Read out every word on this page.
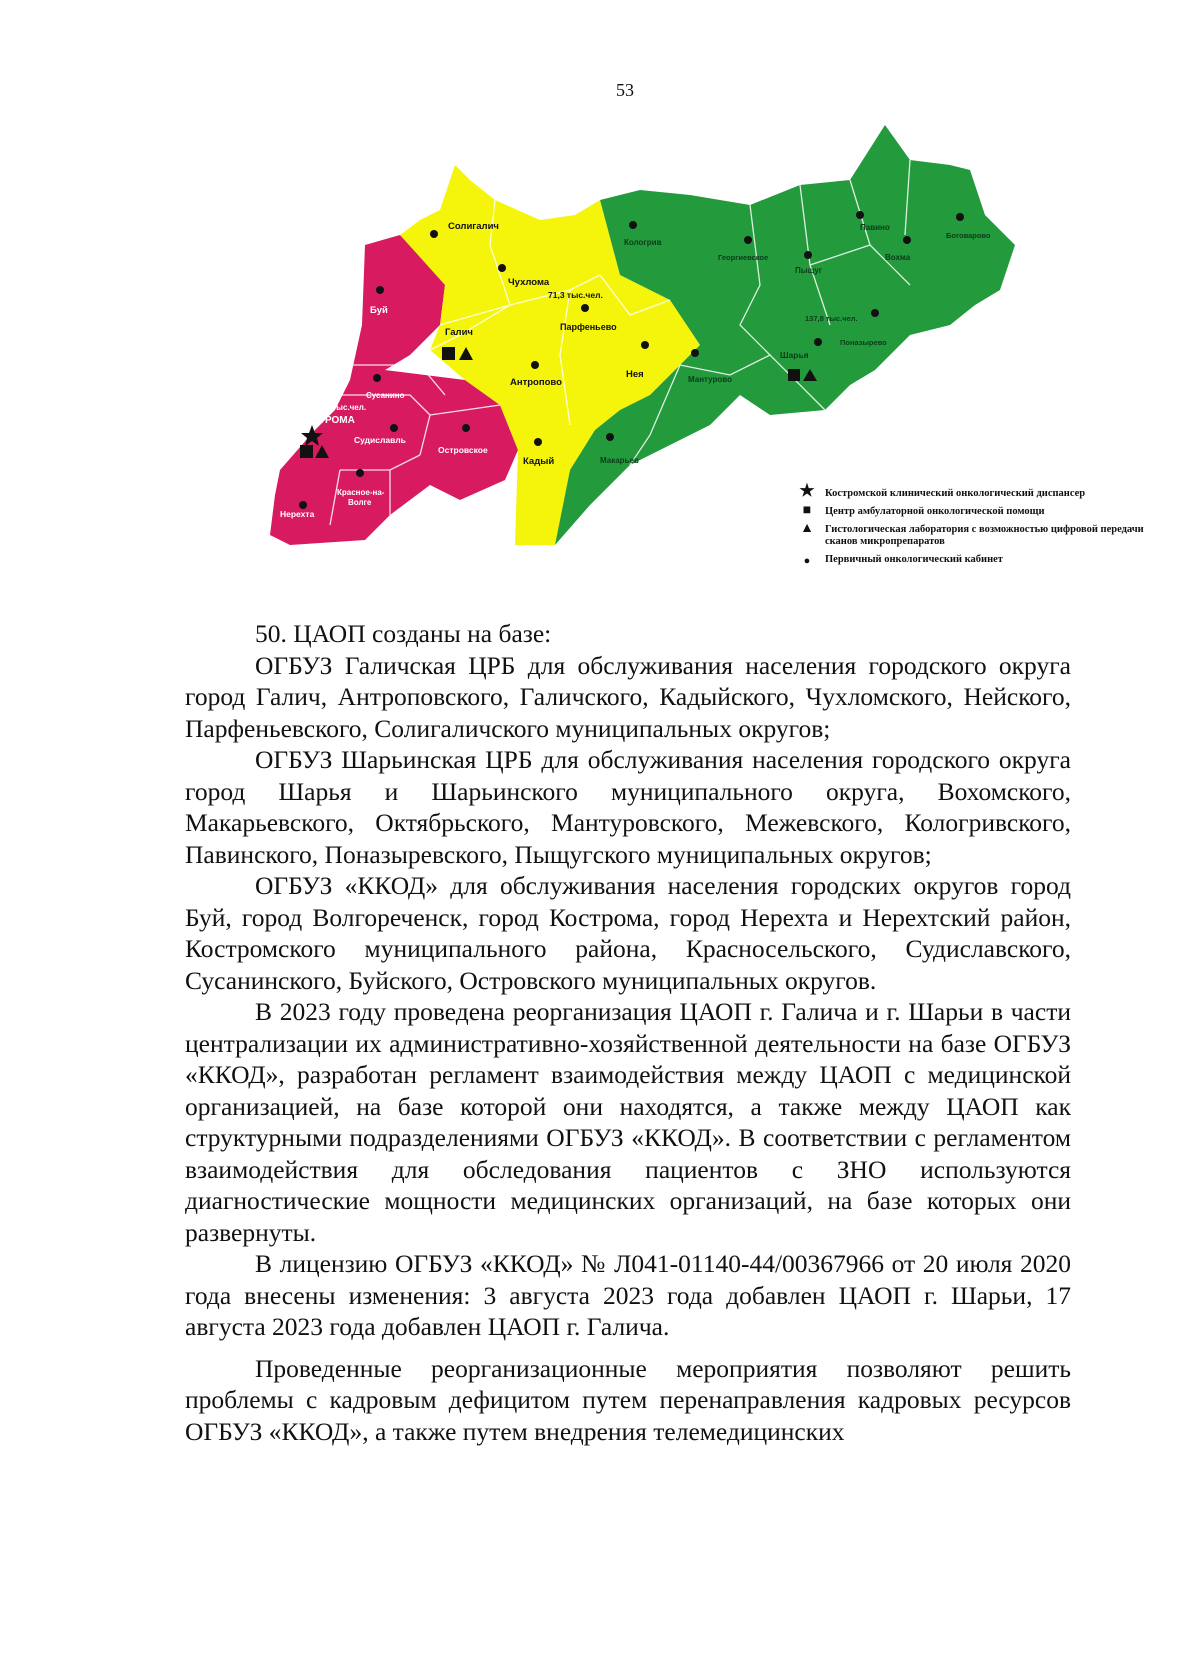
53
Солигалич
Чухлома
71,3 тыс.чел.
Парфеньево
Галич
Антропово
Нея
Кадый
Буй
Сусанино
429,9 тыс.чел.
КОСТРОМА
Судиславль
Островское
Красное-на-
Волге
Нерехта
Кологрив
Георгиевское
Пыщуг
Павино
Вохма
Боговарово
137,8 тыс.чел.
Поназырево
Шарья
Мантурово
Макарьев
★ Костромской клинический онкологический диспансер
■	Центр амбулаторной онкологической помощи
▲ Гистологическая лаборатория с возможностью цифровой передачи сканов микропрепаратов
●	Первичный онкологический кабинет

50. ЦАОП созданы на базе:

ОГБУЗ Галичская ЦРБ для обслуживания населения городского округа город Галич, Антроповского, Галичского, Кадыйского, Чухломского, Нейского, Парфеньевского, Солигаличского муниципальных округов;

ОГБУЗ Шарьинская ЦРБ для обслуживания населения городского округа город Шарья и Шарьинского муниципального округа, Вохомского, Макарьевского, Октябрьского, Мантуровского, Межевского, Кологривского, Павинского, Поназыревского, Пыщугского муниципальных округов;

ОГБУЗ «ККОД» для обслуживания населения городских округов город Буй, город Волгореченск, город Кострома, город Нерехта и Нерехтский район, Костромского муниципального района, Красносельского, Судиславского, Сусанинского, Буйского, Островского муниципальных округов.

В 2023 году проведена реорганизация ЦАОП г. Галича и г. Шарьи в части централизации их административно-хозяйственной деятельности на базе ОГБУЗ «ККОД», разработан регламент взаимодействия между ЦАОП с медицинской организацией, на базе которой они находятся, а также между ЦАОП как структурными подразделениями ОГБУЗ «ККОД». В соответствии с регламентом взаимодействия для обследования пациентов с ЗНО используются диагностические мощности медицинских организаций, на базе которых они развернуты.

В лицензию ОГБУЗ «ККОД» № Л041-01140-44/00367966 от 20 июля 2020 года внесены изменения: 3 августа 2023 года добавлен ЦАОП г. Шарьи, 17 августа 2023 года добавлен ЦАОП г. Галича.

Проведенные реорганизационные мероприятия позволяют решить проблемы с кадровым дефицитом путем перенаправления кадровых ресурсов ОГБУЗ «ККОД», а также путем внедрения телемедицинских
